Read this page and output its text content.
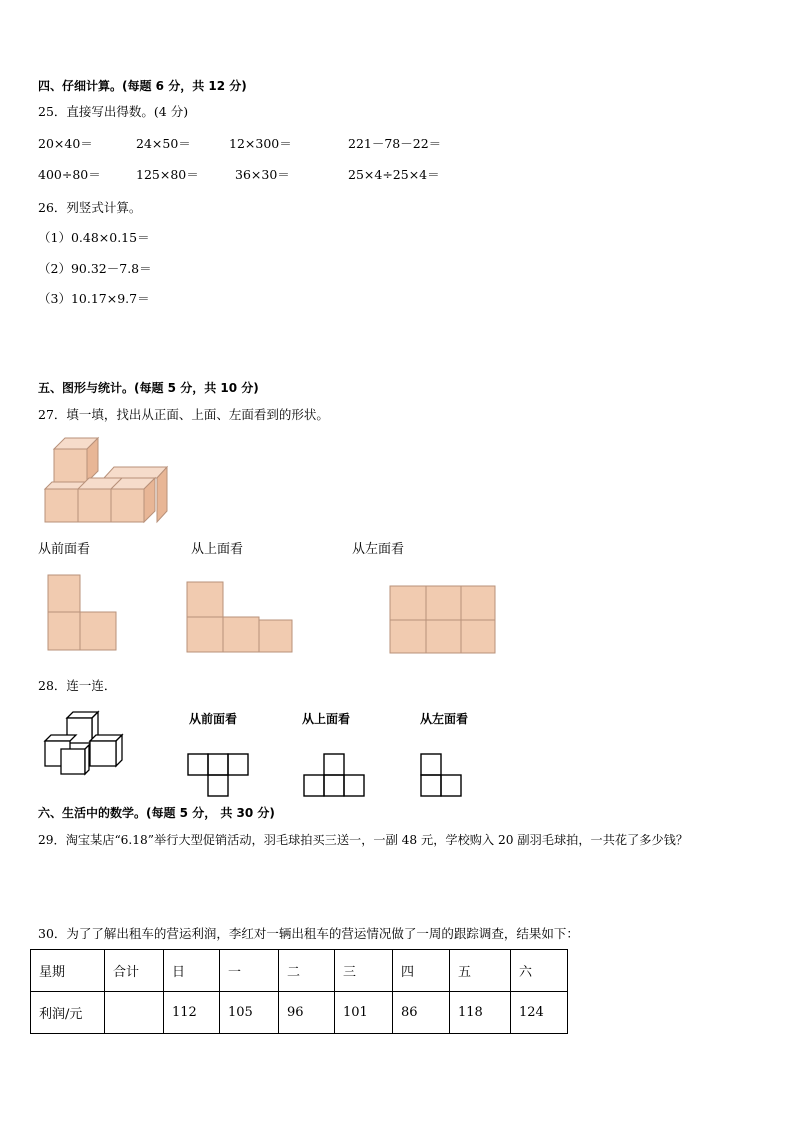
四、仔细计算。(每题 6 分，共 12 分)
25．直接写出得数。(4 分)
20×40＝	24×50＝	12×300＝	221－78－22＝
400÷80＝	125×80＝	36×30＝	25×4÷25×4＝
26．列竖式计算。
（1）0.48×0.15＝
（2）90.32－7.8＝
（3）10.17×9.7＝
五、图形与统计。(每题 5 分，共 10 分)
27．填一填，找出从正面、上面、左面看到的形状。
从前面看	从上面看	从左面看
28．连一连．
从前面看	从上面看	从左面看
六、生活中的数学。(每题 5 分， 共 30 分)
29．淘宝某店“6.18”举行大型促销活动，羽毛球拍买三送一，一副 48 元，学校购入 20 副羽毛球拍，一共花了多少钱？
30．为了了解出租车的营运利润，李红对一辆出租车的营运情况做了一周的跟踪调查，结果如下：
星期	合计	日	一	二	三	四	五	六
利润/元		112	105	96	101	86	118	124
